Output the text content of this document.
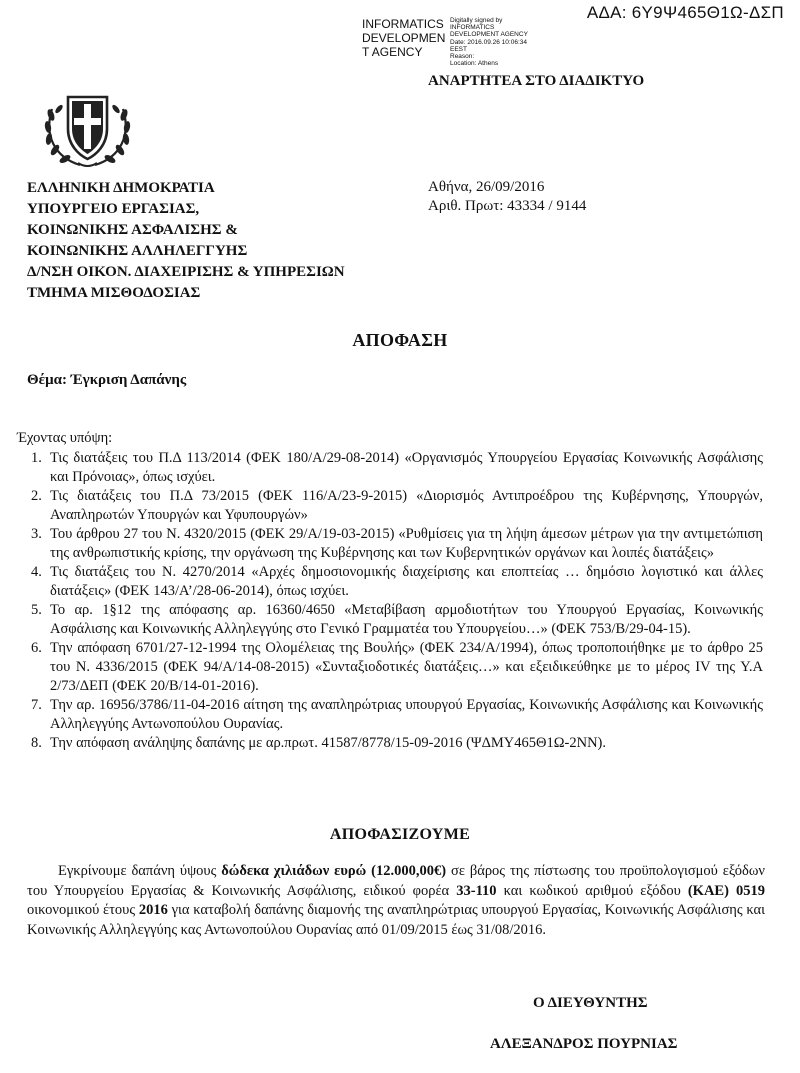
ΑΔΑ: 6Υ9Ψ465Θ1Ω-ΔΣΠ
INFORMATICS
DEVELOPMEN
T AGENCY
Digitally signed by
INFORMATICS
DEVELOPMENT AGENCY
Date: 2016.09.26 10:06:34
EEST
Reason:
Location: Athens
ΑΝΑΡΤΗΤΕΑ ΣΤΟ ΔΙΑΔΙΚΤΥΟ
ΕΛΛΗΝΙΚΗ ΔΗΜΟΚΡΑΤΙΑ
ΥΠΟΥΡΓΕΙΟ ΕΡΓΑΣΙΑΣ,
ΚΟΙΝΩΝΙΚΗΣ ΑΣΦΑΛΙΣΗΣ &
ΚΟΙΝΩΝΙΚΗΣ ΑΛΛΗΛΕΓΓΥΗΣ
Δ/ΝΣΗ ΟΙΚΟΝ. ΔΙΑΧΕΙΡΙΣΗΣ & ΥΠΗΡΕΣΙΩΝ
ΤΜΗΜΑ ΜΙΣΘΟΔΟΣΙΑΣ
Αθήνα, 26/09/2016
Αριθ. Πρωτ: 43334 / 9144
ΑΠΟΦΑΣΗ
Θέμα: Έγκριση Δαπάνης
Έχοντας υπόψη:
1. Τις διατάξεις του Π.Δ 113/2014 (ΦΕΚ 180/Α/29-08-2014) «Οργανισμός Υπουργείου Εργασίας Κοινωνικής Ασφάλισης και Πρόνοιας», όπως ισχύει.
2. Τις διατάξεις του Π.Δ 73/2015 (ΦΕΚ 116/Α/23-9-2015) «Διορισμός Αντιπροέδρου της Κυβέρνησης, Υπουργών, Αναπληρωτών Υπουργών και Υφυπουργών»
3. Του άρθρου 27 του Ν. 4320/2015 (ΦΕΚ 29/Α/19-03-2015) «Ρυθμίσεις για τη λήψη άμεσων μέτρων για την αντιμετώπιση της ανθρωπιστικής κρίσης, την οργάνωση της Κυβέρνησης και των Κυβερνητικών οργάνων και λοιπές διατάξεις»
4. Τις διατάξεις του Ν. 4270/2014 «Αρχές δημοσιονομικής διαχείρισης και εποπτείας … δημόσιο λογιστικό και άλλες διατάξεις» (ΦΕΚ 143/Α’/28-06-2014), όπως ισχύει.
5. Το αρ. 1§12 της απόφασης αρ. 16360/4650 «Μεταβίβαση αρμοδιοτήτων του Υπουργού Εργασίας, Κοινωνικής Ασφάλισης και Κοινωνικής Αλληλεγγύης στο Γενικό Γραμματέα του Υπουργείου…» (ΦΕΚ 753/Β/29-04-15).
6. Την απόφαση 6701/27-12-1994 της Ολομέλειας της Βουλής» (ΦΕΚ 234/Α/1994), όπως τροποποιήθηκε με το άρθρο 25 του Ν. 4336/2015 (ΦΕΚ 94/Α/14-08-2015) «Συνταξιοδοτικές διατάξεις…» και εξειδικεύθηκε με το μέρος IV της Υ.Α 2/73/ΔΕΠ (ΦΕΚ 20/Β/14-01-2016).
7. Την αρ. 16956/3786/11-04-2016 αίτηση της αναπληρώτριας υπουργού Εργασίας, Κοινωνικής Ασφάλισης και Κοινωνικής Αλληλεγγύης Αντωνοπούλου Ουρανίας.
8. Την απόφαση ανάληψης δαπάνης με αρ.πρωτ. 41587/8778/15-09-2016 (ΨΔΜΥ465Θ1Ω-2ΝΝ).
ΑΠΟΦΑΣΙΖΟΥΜΕ
Εγκρίνουμε δαπάνη ύψους δώδεκα χιλιάδων ευρώ (12.000,00€) σε βάρος της πίστωσης του προϋπολογισμού εξόδων του Υπουργείου Εργασίας & Κοινωνικής Ασφάλισης, ειδικού φορέα 33-110 και κωδικού αριθμού εξόδου (ΚΑΕ) 0519 οικονομικού έτους 2016 για καταβολή δαπάνης διαμονής της αναπληρώτριας υπουργού Εργασίας, Κοινωνικής Ασφάλισης και Κοινωνικής Αλληλεγγύης κας Αντωνοπούλου Ουρανίας από 01/09/2015 έως 31/08/2016.
Ο ΔΙΕΥΘΥΝΤΗΣ
ΑΛΕΞΑΝΔΡΟΣ ΠΟΥΡΝΙΑΣ
